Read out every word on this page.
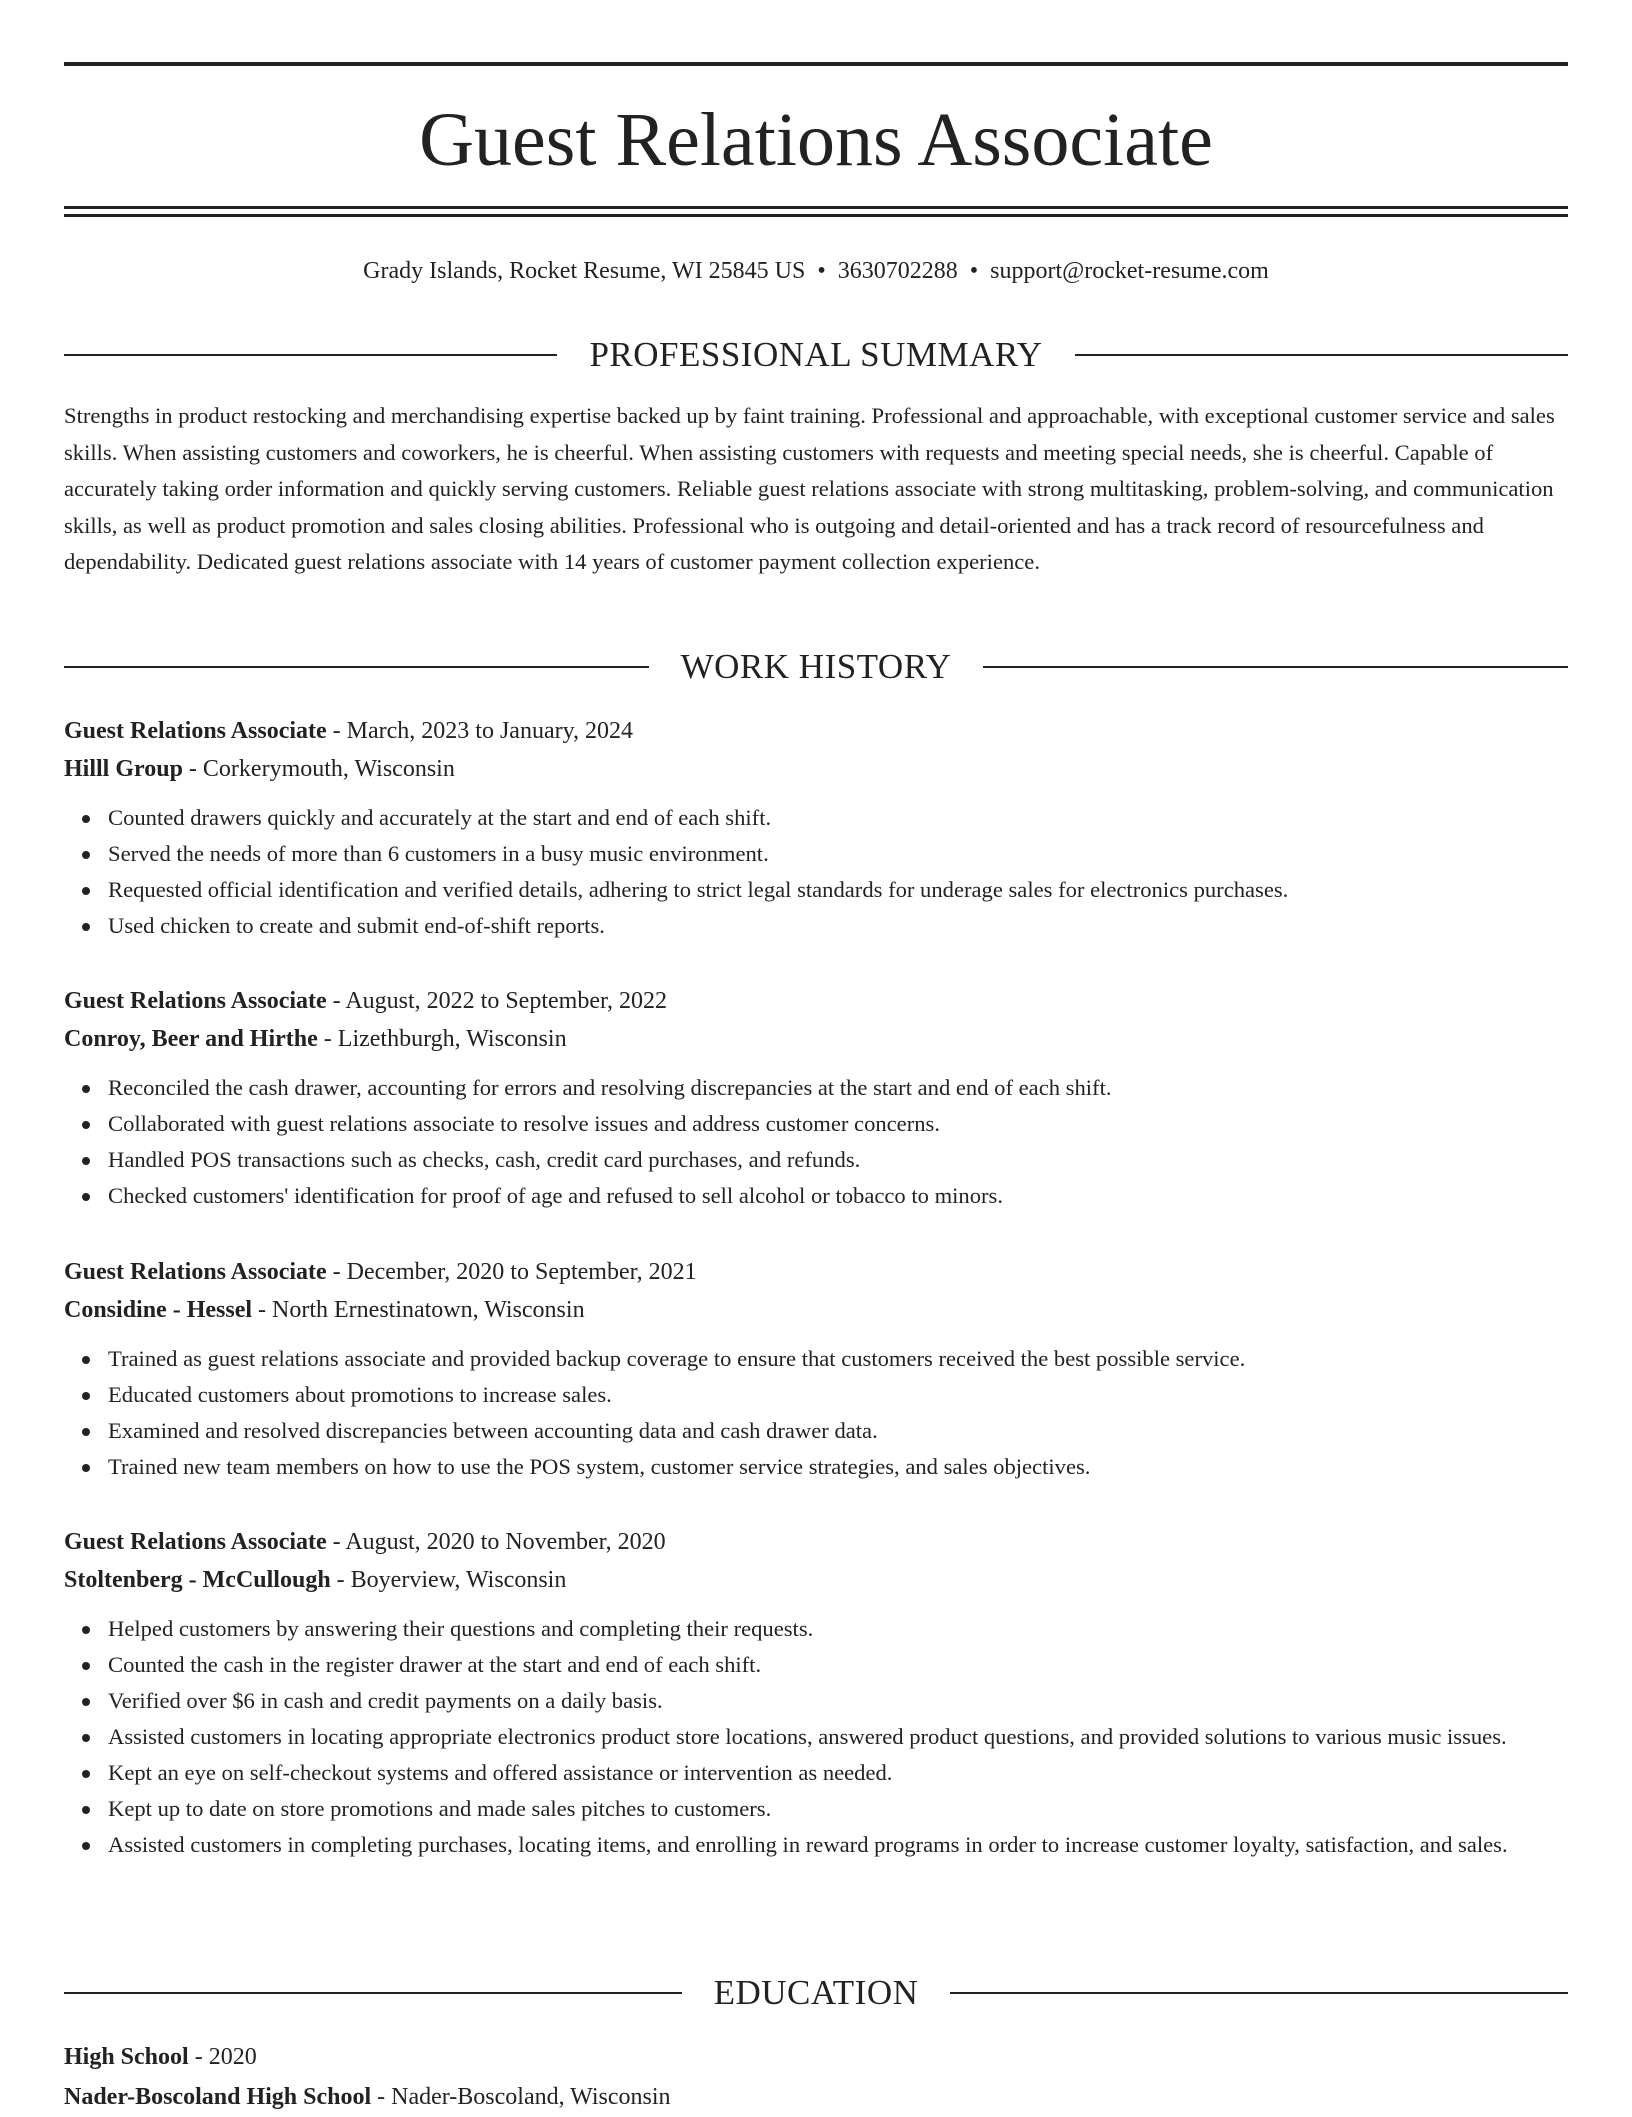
Guest Relations Associate
Grady Islands, Rocket Resume, WI 25845 US • 3630702288 • support@rocket-resume.com
PROFESSIONAL SUMMARY

Strengths in product restocking and merchandising expertise backed up by faint training. Professional and approachable, with exceptional customer service and sales skills. When assisting customers and coworkers, he is cheerful. When assisting customers with requests and meeting special needs, she is cheerful. Capable of accurately taking order information and quickly serving customers. Reliable guest relations associate with strong multitasking, problem-solving, and communication skills, as well as product promotion and sales closing abilities. Professional who is outgoing and detail-oriented and has a track record of resourcefulness and dependability. Dedicated guest relations associate with 14 years of customer payment collection experience.

WORK HISTORY
Guest Relations Associate - March, 2023 to January, 2024
Hilll Group - Corkerymouth, Wisconsin
Counted drawers quickly and accurately at the start and end of each shift.
Served the needs of more than 6 customers in a busy music environment.
Requested official identification and verified details, adhering to strict legal standards for underage sales for electronics purchases.
Used chicken to create and submit end-of-shift reports.
Guest Relations Associate - August, 2022 to September, 2022
Conroy, Beer and Hirthe - Lizethburgh, Wisconsin
Reconciled the cash drawer, accounting for errors and resolving discrepancies at the start and end of each shift.
Collaborated with guest relations associate to resolve issues and address customer concerns.
Handled POS transactions such as checks, cash, credit card purchases, and refunds.
Checked customers' identification for proof of age and refused to sell alcohol or tobacco to minors.
Guest Relations Associate - December, 2020 to September, 2021
Considine - Hessel - North Ernestinatown, Wisconsin
Trained as guest relations associate and provided backup coverage to ensure that customers received the best possible service.
Educated customers about promotions to increase sales.
Examined and resolved discrepancies between accounting data and cash drawer data.
Trained new team members on how to use the POS system, customer service strategies, and sales objectives.
Guest Relations Associate - August, 2020 to November, 2020
Stoltenberg - McCullough - Boyerview, Wisconsin
Helped customers by answering their questions and completing their requests.
Counted the cash in the register drawer at the start and end of each shift.
Verified over $6 in cash and credit payments on a daily basis.
Assisted customers in locating appropriate electronics product store locations, answered product questions, and provided solutions to various music issues.
Kept an eye on self-checkout systems and offered assistance or intervention as needed.
Kept up to date on store promotions and made sales pitches to customers.
Assisted customers in completing purchases, locating items, and enrolling in reward programs in order to increase customer loyalty, satisfaction, and sales.
EDUCATION
High School - 2020
Nader-Boscoland High School - Nader-Boscoland, Wisconsin
